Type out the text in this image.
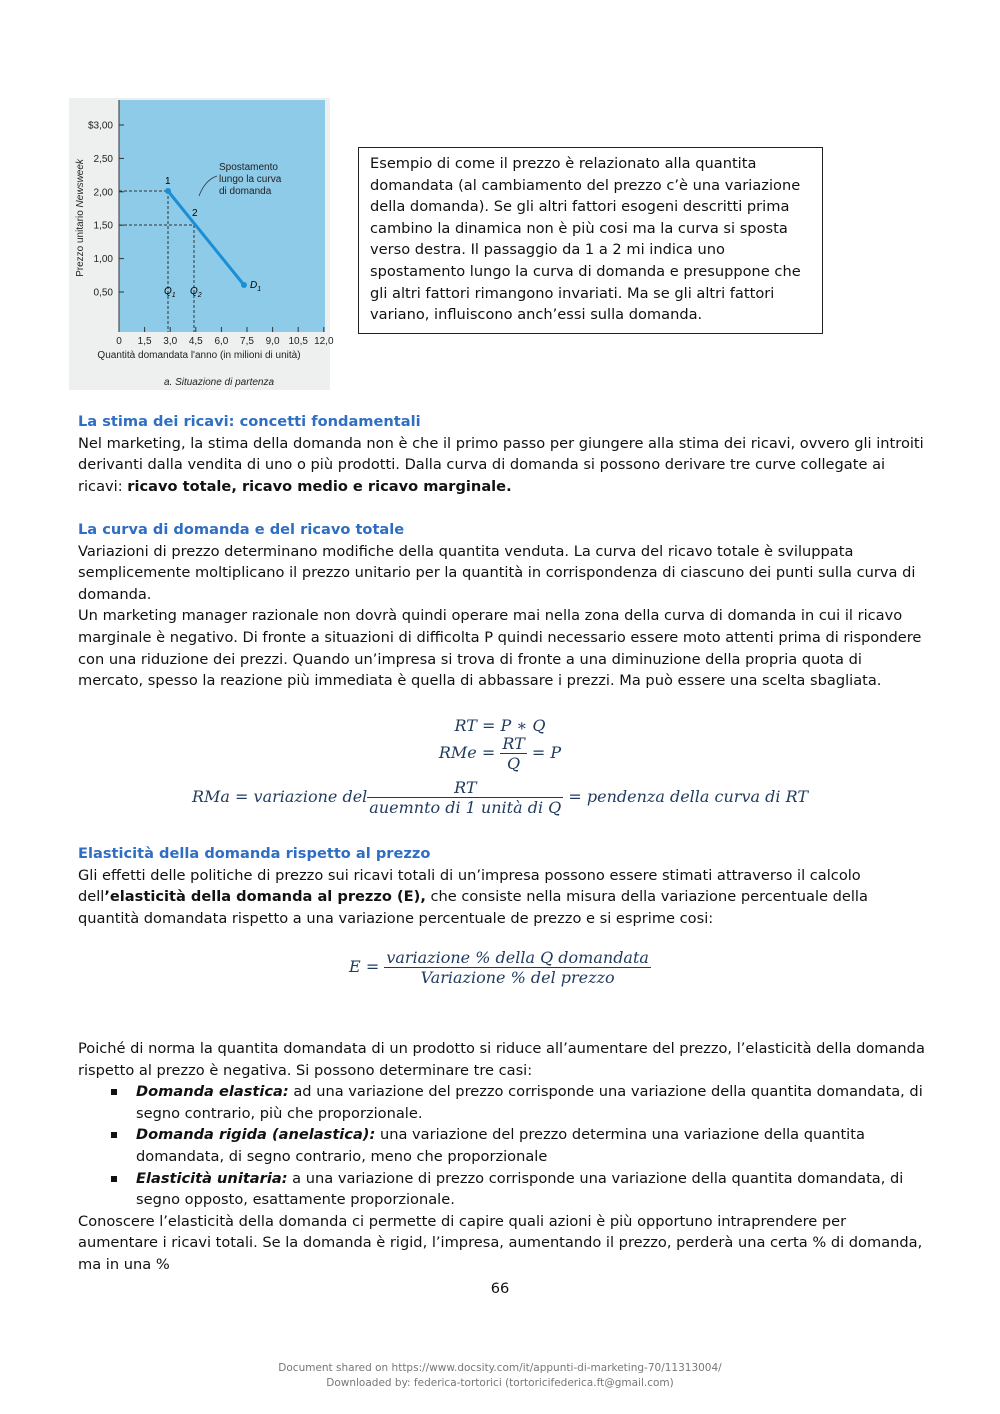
$3,00
2,50
2,00
1,50
1,00
0,50
0 1,5 3,0 4,5 6,0 7,5 9,0 10,5 12,0
Prezzo unitario Newsweek	1
2
$Q_1$ $Q_2$
$D_1$
Spostamento lungo la curva di domanda
Quantità domandata l'anno (in milioni di unità)
a. Situazione di partenza
Esempio di come il prezzo è relazionato alla quantita domandata (al cambiamento del prezzo c’è una variazione della domanda). Se gli altri fattori esogeni descritti prima cambino la dinamica non è più cosi ma la curva si sposta verso destra. Il passaggio da 1 a 2 mi indica uno spostamento lungo la curva di domanda e presuppone che gli altri fattori rimangono invariati. Ma se gli altri fattori variano, influiscono anch’essi sulla domanda.
La stima dei ricavi: concetti fondamentali

Nel marketing, la stima della domanda non è che il primo passo per giungere alla stima dei ricavi, ovvero gli introiti derivanti dalla vendita di uno o più prodotti. Dalla curva di domanda si possono derivare tre curve collegate ai ricavi: ricavo totale, ricavo medio e ricavo marginale.

La curva di domanda e del ricavo totale

Variazioni di prezzo determinano modifiche della quantita venduta. La curva del ricavo totale è sviluppata semplicemente moltiplicano il prezzo unitario per la quantità in corrispondenza di ciascuno dei punti sulla curva di domanda.

Un marketing manager razionale non dovrà quindi operare mai nella zona della curva di domanda in cui il ricavo marginale è negativo. Di fronte a situazioni di difficolta P quindi necessario essere moto attenti prima di rispondere con una riduzione dei prezzi. Quando un’impresa si trova di fronte a una diminuzione della propria quota di mercato, spesso la reazione più immediata è quella di abbassare i prezzi. Ma può essere una scelta sbagliata.

RT = P ∗ Q
RMe = $\frac{RT}{Q} = P$
RMa = variazione del $\frac{RT}{\text{auemnto di 1 unità di Q}}$ = pendenza della curva di RT
Elasticità della domanda rispetto al prezzo

Gli effetti delle politiche di prezzo sui ricavi totali di un’impresa possono essere stimati attraverso il calcolo dell’elasticità della domanda al prezzo (E), che consiste nella misura della variazione percentuale della quantità domandata rispetto a una variazione percentuale de prezzo e si esprime cosi:

$E = \frac{\text{variazione \% della Q domandata}}{\text{Variazione \% del prezzo}}$

Poiché di norma la quantita domandata di un prodotto si riduce all’aumentare del prezzo, l’elasticità della domanda rispetto al prezzo è negativa. Si possono determinare tre casi:

Domanda elastica: ad una variazione del prezzo corrisponde una variazione della quantita domandata, di segno contrario, più che proporzionale.
Domanda rigida (anelastica): una variazione del prezzo determina una variazione della quantita domandata, di segno contrario, meno che proporzionale
Elasticità unitaria: a una variazione di prezzo corrisponde una variazione della quantita domandata, di segno opposto, esattamente proporzionale.

Conoscere l’elasticità della domanda ci permette di capire quali azioni è più opportuno intraprendere per aumentare i ricavi totali. Se la domanda è rigid, l’impresa, aumentando il prezzo, perderà una certa % di domanda, ma in una %

66
Document shared on https://www.docsity.com/it/appunti-di-marketing-70/11313004/
Downloaded by: federica-tortorici (tortoricifederica.ft@gmail.com)
